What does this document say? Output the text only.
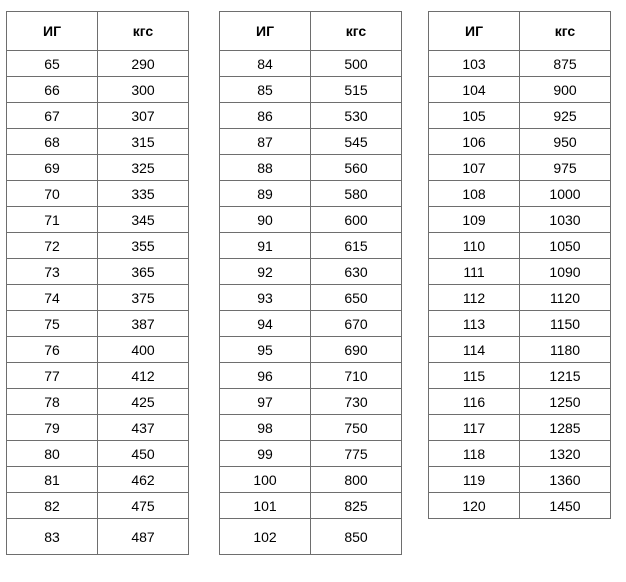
ИГ	кгс
65	290
66	300
67	307
68	315
69	325
70	335
71	345
72	355
73	365
74	375
75	387
76	400
77	412
78	425
79	437
80	450
81	462
82	475
83	487
ИГ	кгс
84	500
85	515
86	530
87	545
88	560
89	580
90	600
91	615
92	630
93	650
94	670
95	690
96	710
97	730
98	750
99	775
100	800
101	825
102	850
ИГ	кгс
103	875
104	900
105	925
106	950
107	975
108	1000
109	1030
110	1050
111	1090
112	1120
113	1150
114	1180
115	1215
116	1250
117	1285
118	1320
119	1360
120	1450
